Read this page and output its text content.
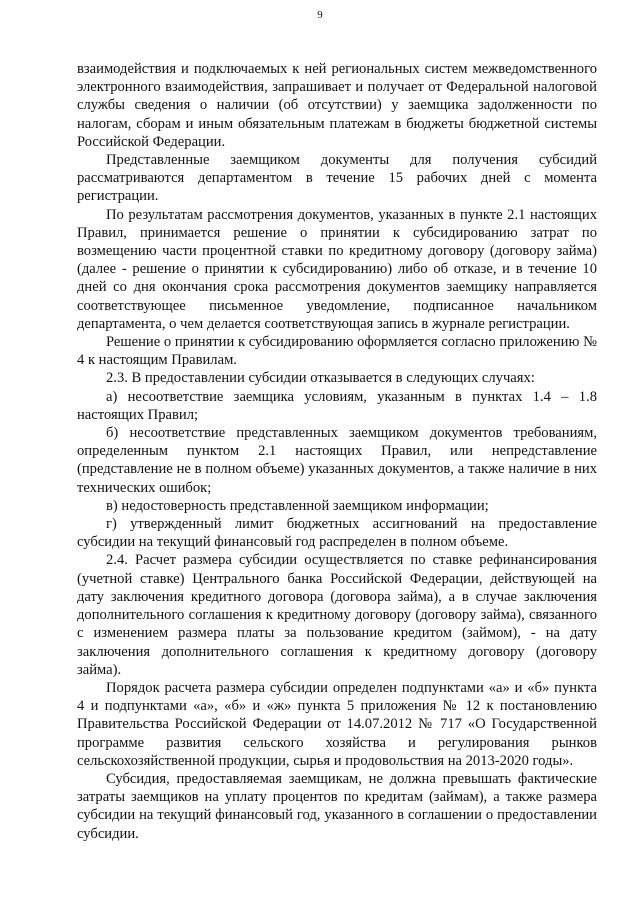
9

взаимодействия и подключаемых к ней региональных систем межведомственного электронного взаимодействия, запрашивает и получает от Федеральной налоговой службы сведения о наличии (об отсутствии) у заемщика задолженности по налогам, сборам и иным обязательным платежам в бюджеты бюджетной системы Российской Федерации.

Представленные заемщиком документы для получения субсидий рассматриваются департаментом в течение 15 рабочих дней с момента регистрации.

По результатам рассмотрения документов, указанных в пункте 2.1 настоящих Правил, принимается решение о принятии к субсидированию затрат по возмещению части процентной ставки по кредитному договору (договору займа) (далее - решение о принятии к субсидированию) либо об отказе, и в течение 10 дней со дня окончания срока рассмотрения документов заемщику направляется соответствующее письменное уведомление, подписанное начальником департамента, о чем делается соответствующая запись в журнале регистрации.

Решение о принятии к субсидированию оформляется согласно приложению № 4 к настоящим Правилам.

2.3. В предоставлении субсидии отказывается в следующих случаях:

а) несоответствие заемщика условиям, указанным в пунктах 1.4 – 1.8 настоящих Правил;

б) несоответствие представленных заемщиком документов требованиям, определенным пунктом 2.1 настоящих Правил, или непредставление (представление не в полном объеме) указанных документов, а также наличие в них технических ошибок;

в) недостоверность представленной заемщиком информации;

г) утвержденный лимит бюджетных ассигнований на предоставление субсидии на текущий финансовый год распределен в полном объеме.

2.4. Расчет размера субсидии осуществляется по ставке рефинансирования (учетной ставке) Центрального банка Российской Федерации, действующей на дату заключения кредитного договора (договора займа), а в случае заключения дополнительного соглашения к кредитному договору (договору займа), связанного с изменением размера платы за пользование кредитом (займом), - на дату заключения дополнительного соглашения к кредитному договору (договору займа).

Порядок расчета размера субсидии определен подпунктами «а» и «б» пункта 4 и подпунктами «а», «б» и «ж» пункта 5 приложения № 12 к постановлению Правительства Российской Федерации от 14.07.2012 № 717 «О Государственной программе развития сельского хозяйства и регулирования рынков сельскохозяйственной продукции, сырья и продовольствия на 2013-2020 годы».

Субсидия, предоставляемая заемщикам, не должна превышать фактические затраты заемщиков на уплату процентов по кредитам (займам), а также размера субсидии на текущий финансовый год, указанного в соглашении о предоставлении субсидии.
